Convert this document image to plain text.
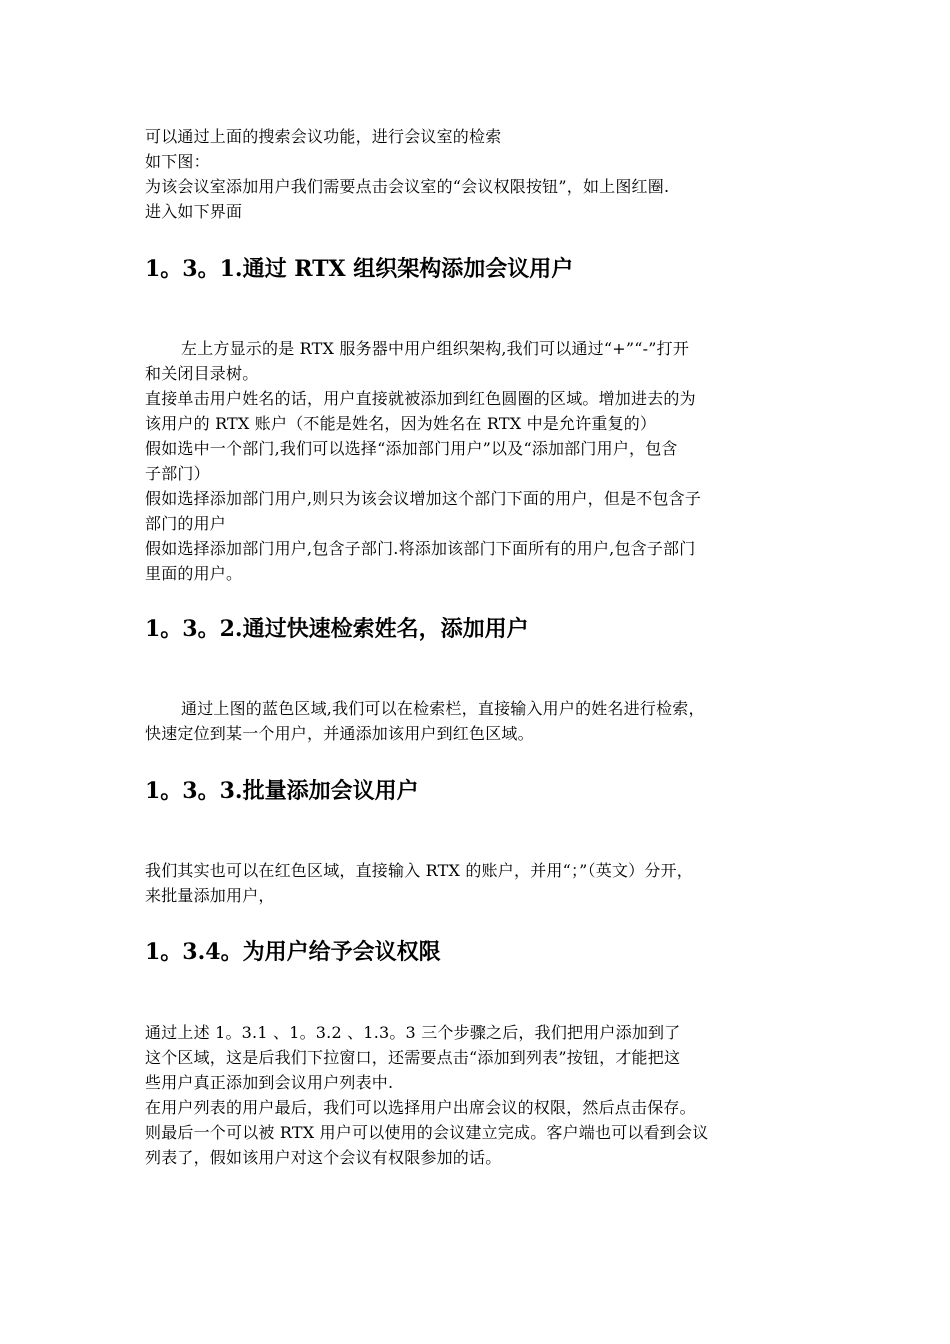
可以通过上面的搜索会议功能，进行会议室的检索
如下图：
为该会议室添加用户我们需要点击会议室的“会议权限按钮”，如上图红圈.
进入如下界面
1。3。1.通过 RTX 组织架构添加会议用户
左上方显示的是 RTX 服务器中用户组织架构,我们可以通过“+”“-”打开
和关闭目录树。
直接单击用户姓名的话，用户直接就被添加到红色圆圈的区域。增加进去的为
该用户的 RTX 账户（不能是姓名，因为姓名在 RTX 中是允许重复的）
假如选中一个部门,我们可以选择“添加部门用户”以及“添加部门用户，包含
子部门）
假如选择添加部门用户,则只为该会议增加这个部门下面的用户，但是不包含子
部门的用户
假如选择添加部门用户,包含子部门.将添加该部门下面所有的用户,包含子部门
里面的用户。
1。3。2.通过快速检索姓名，添加用户
通过上图的蓝色区域,我们可以在检索栏，直接输入用户的姓名进行检索，
快速定位到某一个用户，并通添加该用户到红色区域。
1。3。3.批量添加会议用户
我们其实也可以在红色区域，直接输入 RTX 的账户，并用“；”（英文）分开，
来批量添加用户，
1。3.4。为用户给予会议权限
通过上述 1。3.1 、1。3.2 、1.3。3 三个步骤之后，我们把用户添加到了
这个区域，这是后我们下拉窗口，还需要点击“添加到列表”按钮，才能把这
些用户真正添加到会议用户列表中.
在用户列表的用户最后，我们可以选择用户出席会议的权限，然后点击保存。
则最后一个可以被 RTX 用户可以使用的会议建立完成。客户端也可以看到会议
列表了，假如该用户对这个会议有权限参加的话。
